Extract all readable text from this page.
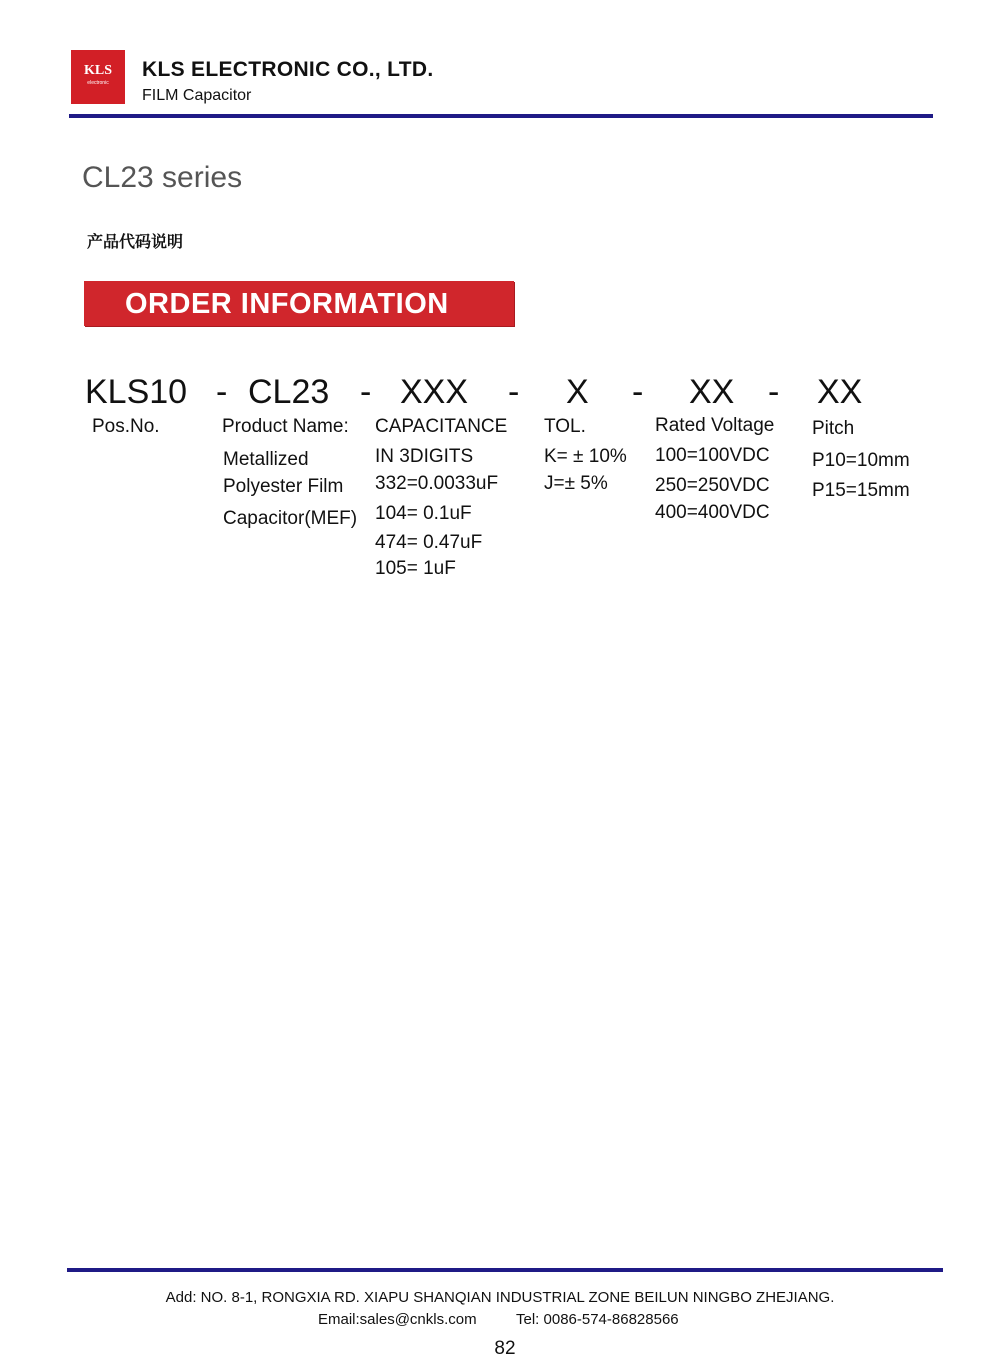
KLS
electronic
KLS ELECTRONIC CO., LTD.
FILM Capacitor
CL23 series
产品代码说明
ORDER INFORMATION
KLS10 - CL23 - XXX - X - XX - XX
Pos.No.	Product Name:
Metallized
Polyester Film
Capacitor(MEF)
CAPACITANCE
IN 3DIGITS
332=0.0033uF
104= 0.1uF
474= 0.47uF
105= 1uF
TOL.
K= ± 10%
J=± 5%
Rated Voltage
100=100VDC
250=250VDC
400=400VDC
Pitch
P10=10mm
P15=15mm
Add: NO. 8-1, RONGXIA RD. XIAPU SHANQIAN INDUSTRIAL ZONE BEILUN NINGBO ZHEJIANG.
Email:sales@cnkls.com	Tel: 0086-574-86828566
82
